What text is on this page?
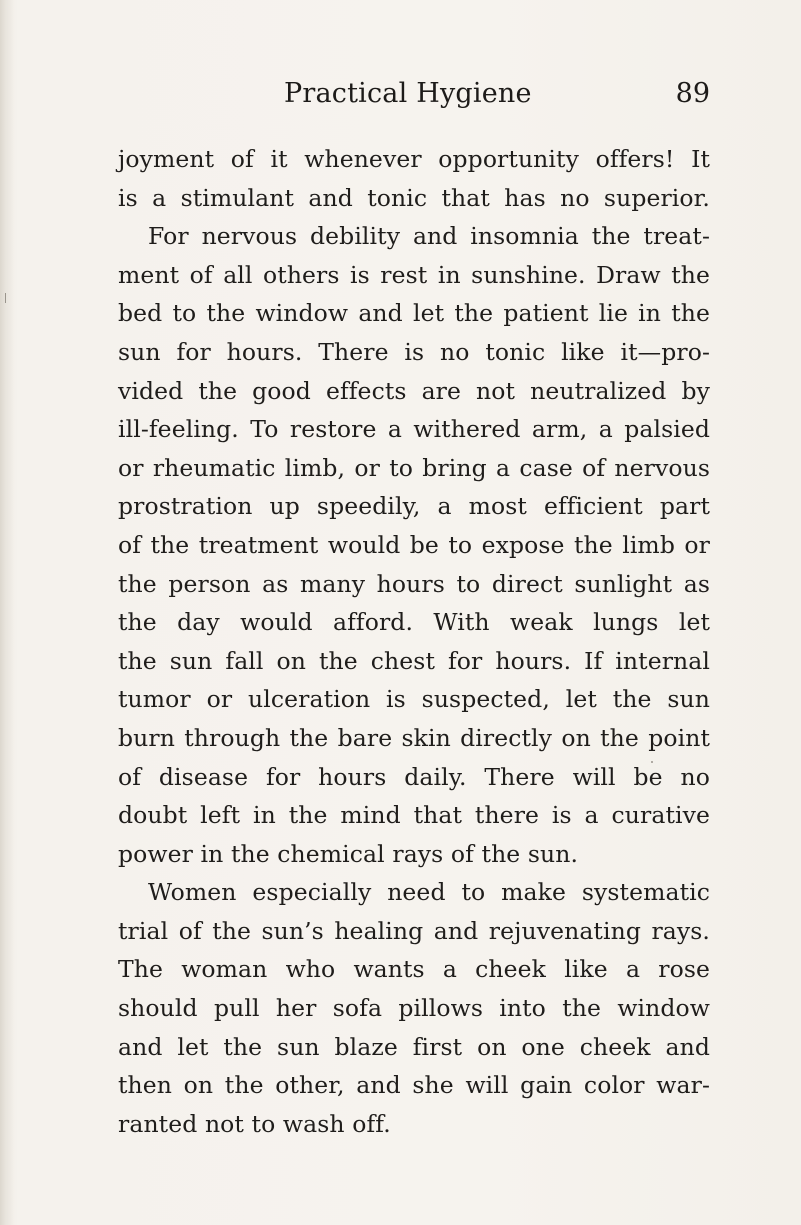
Practical Hygiene	89
joyment of it whenever opportunity offers! It
is a stimulant and tonic that has no superior.
For nervous debility and insomnia the treat-
ment of all others is rest in sunshine. Draw the
bed to the window and let the patient lie in the
sun for hours. There is no tonic like it—pro-
vided the good effects are not neutralized by
ill-feeling. To restore a withered arm, a palsied
or rheumatic limb, or to bring a case of nervous
prostration up speedily, a most efficient part
of the treatment would be to expose the limb or
the person as many hours to direct sunlight as
the day would afford. With weak lungs let
the sun fall on the chest for hours. If internal
tumor or ulceration is suspected, let the sun
burn through the bare skin directly on the point
of disease for hours daily. There will be no
doubt left in the mind that there is a curative
power in the chemical rays of the sun.
Women especially need to make systematic
trial of the sun’s healing and rejuvenating rays.
The woman who wants a cheek like a rose
should pull her sofa pillows into the window
and let the sun blaze first on one cheek and
then on the other, and she will gain color war-
ranted not to wash off.
